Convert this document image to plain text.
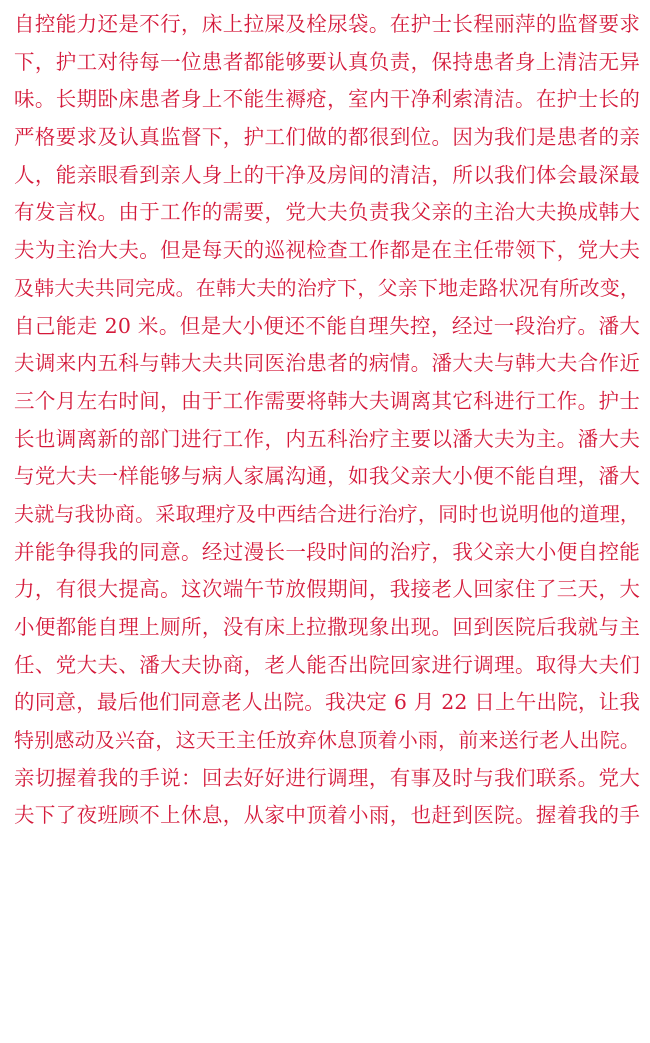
自控能力还是不行，床上拉屎及栓尿袋。在护士长程丽萍的监督要求
下，护工对待每一位患者都能够要认真负责，保持患者身上清洁无异
味。长期卧床患者身上不能生褥疮，室内干净利索清洁。在护士长的
严格要求及认真监督下，护工们做的都很到位。因为我们是患者的亲
人，能亲眼看到亲人身上的干净及房间的清洁，所以我们体会最深最
有发言权。由于工作的需要，党大夫负责我父亲的主治大夫换成韩大
夫为主治大夫。但是每天的巡视检查工作都是在主任带领下，党大夫
及韩大夫共同完成。在韩大夫的治疗下，父亲下地走路状况有所改变，
自己能走 20 米。但是大小便还不能自理失控，经过一段治疗。潘大
夫调来内五科与韩大夫共同医治患者的病情。潘大夫与韩大夫合作近
三个月左右时间，由于工作需要将韩大夫调离其它科进行工作。护士
长也调离新的部门进行工作，内五科治疗主要以潘大夫为主。潘大夫
与党大夫一样能够与病人家属沟通，如我父亲大小便不能自理，潘大
夫就与我协商。采取理疗及中西结合进行治疗，同时也说明他的道理，
并能争得我的同意。经过漫长一段时间的治疗，我父亲大小便自控能
力，有很大提高。这次端午节放假期间，我接老人回家住了三天，大
小便都能自理上厕所，没有床上拉撒现象出现。回到医院后我就与主
任、党大夫、潘大夫协商，老人能否出院回家进行调理。取得大夫们
的同意，最后他们同意老人出院。我决定 6 月 22 日上午出院，让我
特别感动及兴奋，这天王主任放弃休息顶着小雨，前来送行老人出院。
亲切握着我的手说：回去好好进行调理，有事及时与我们联系。党大
夫下了夜班顾不上休息，从家中顶着小雨，也赶到医院。握着我的手
